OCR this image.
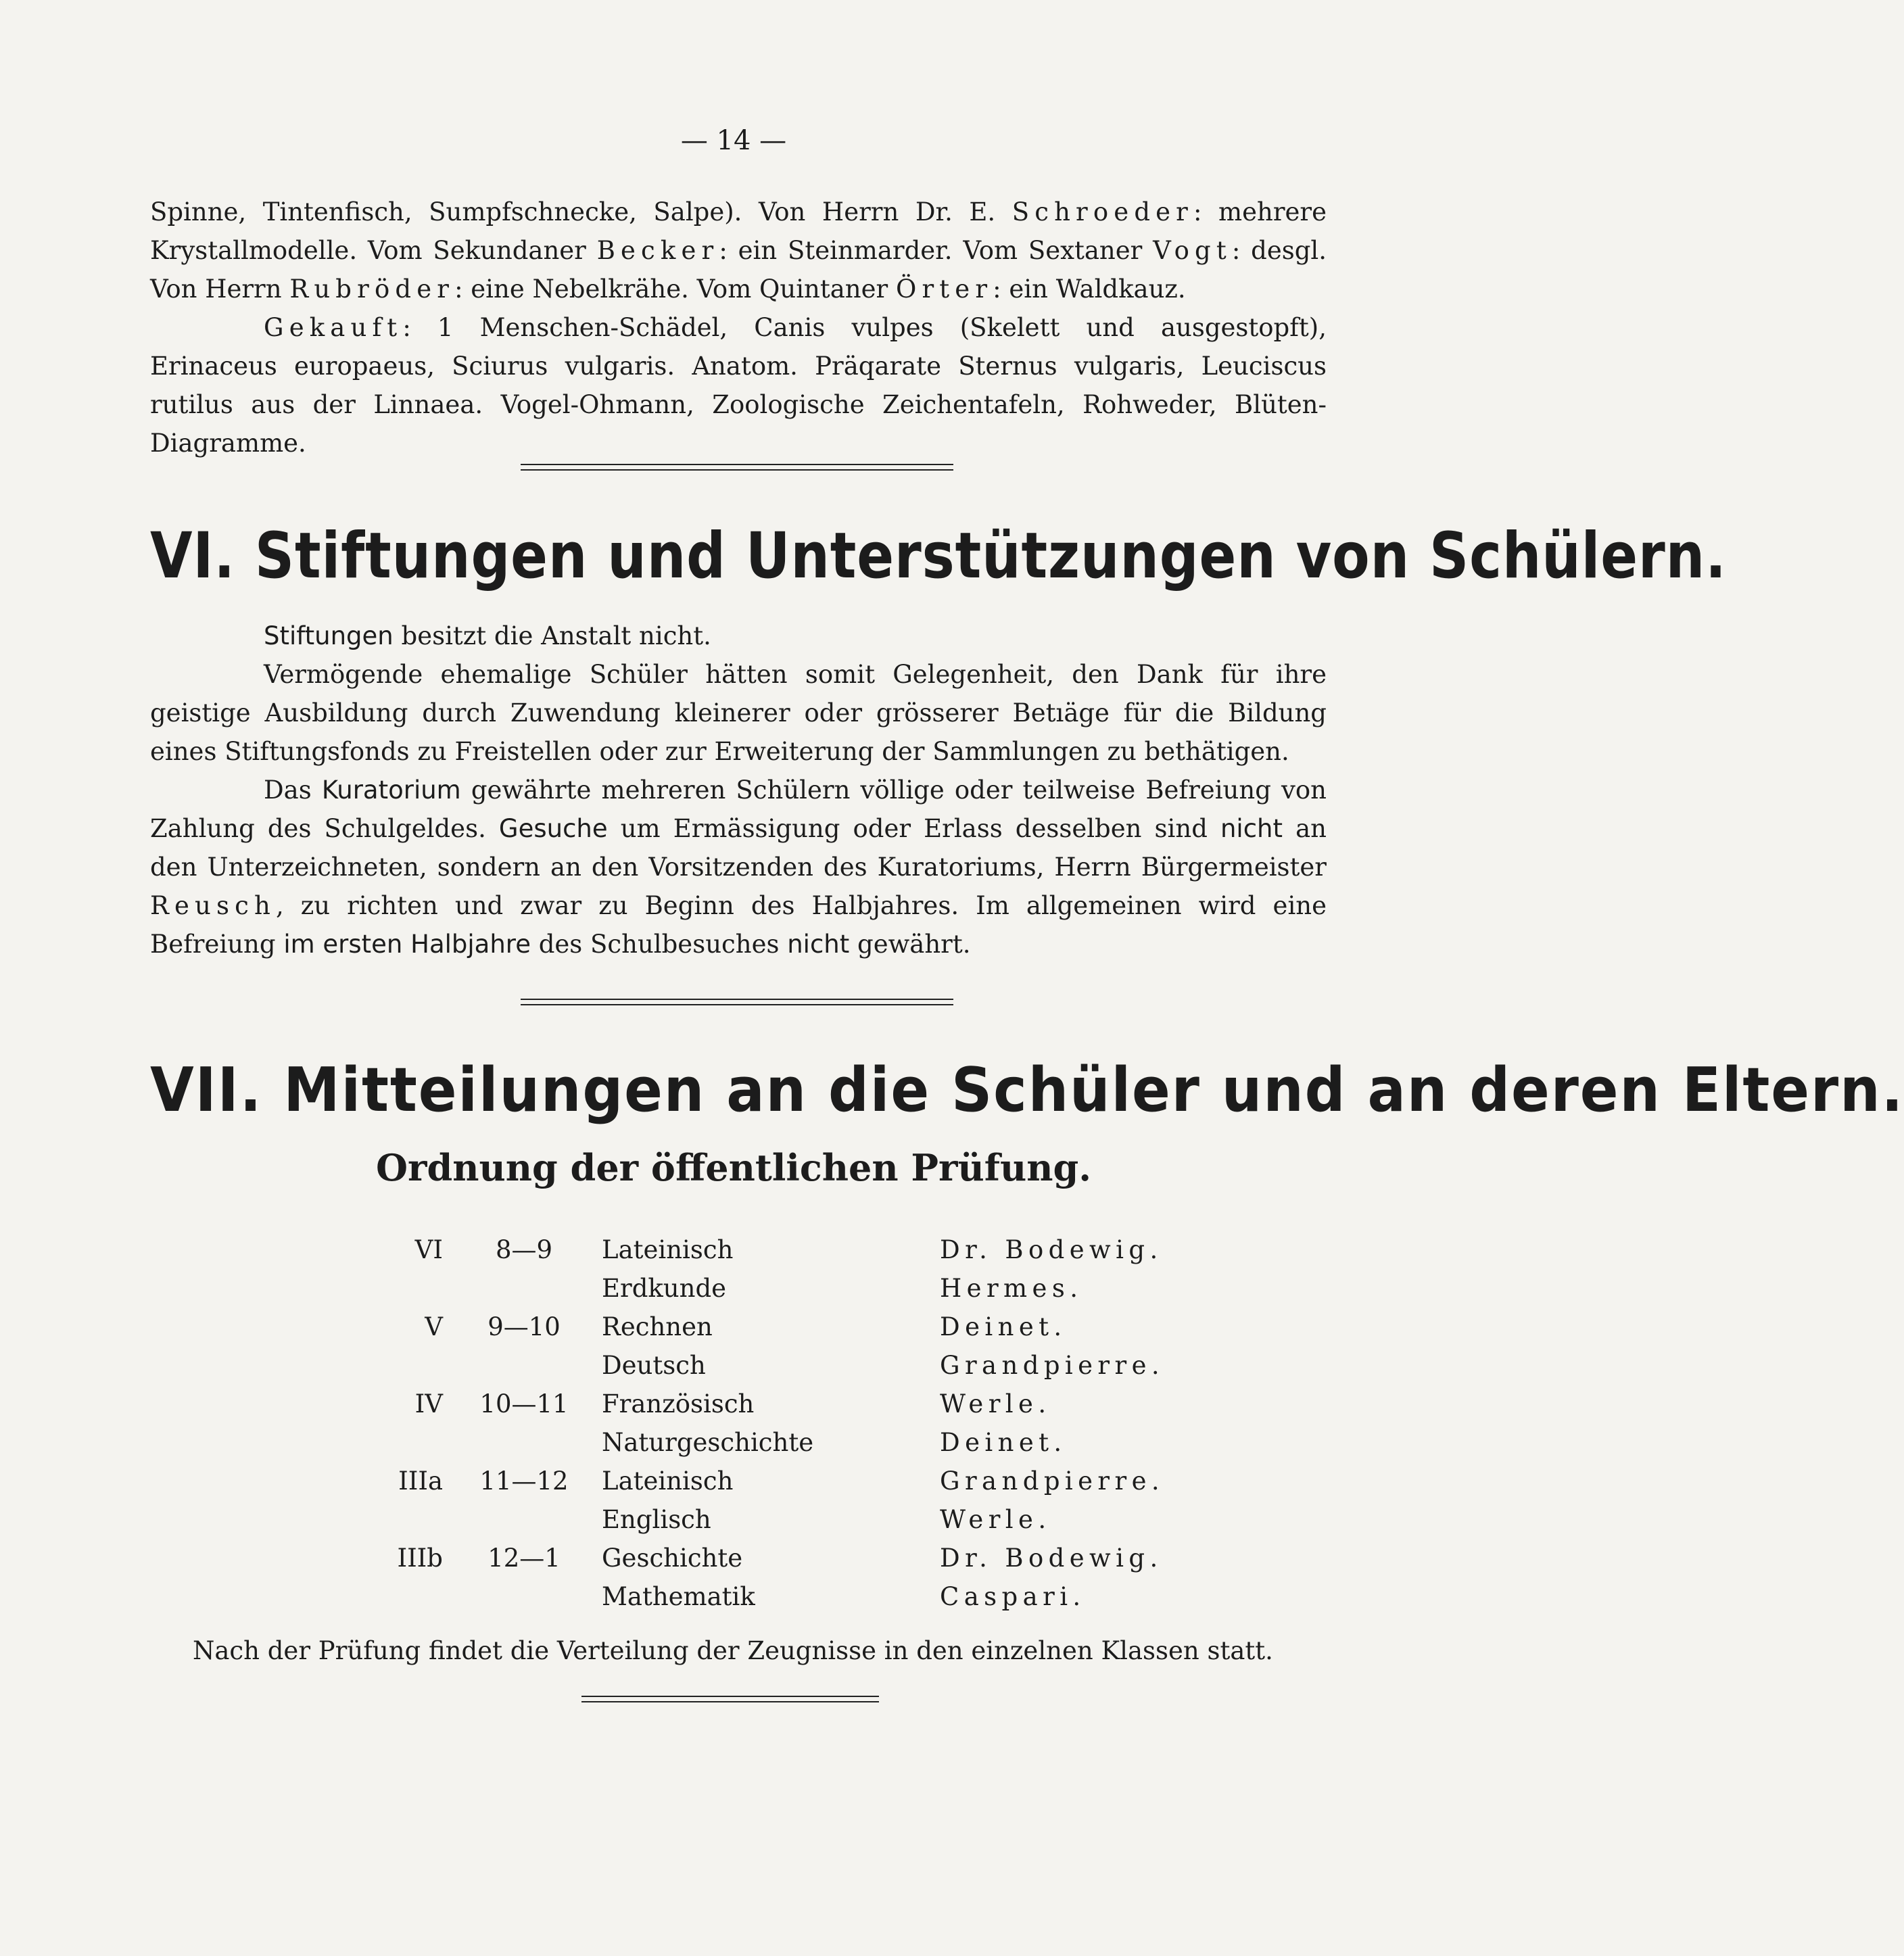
— 14 —

Spinne, Tintenfisch, Sumpfschnecke, Salpe). Von Herrn Dr. E. Schroeder: mehrere Krystallmodelle. Vom Sekundaner Becker: ein Steinmarder. Vom Sextaner Vogt: desgl. Von Herrn Rubröder: eine Nebelkrähe. Vom Quintaner Örter: ein Waldkauz.

Gekauft: 1 Menschen-Schädel, Canis vulpes (Skelett und ausgestopft), Erinaceus europaeus, Sciurus vulgaris. Anatom. Präqarate Sternus vulgaris, Leuciscus rutilus aus der Linnaea. Vogel-Ohmann, Zoologische Zeichentafeln, Rohweder, Blüten-Diagramme.

VI. Stiftungen und Unterstützungen von Schülern.

Stiftungen besitzt die Anstalt nicht.

Vermögende ehemalige Schüler hätten somit Gelegenheit, den Dank für ihre geistige Ausbildung durch Zuwendung kleinerer oder grösserer Betıäge für die Bildung eines Stiftungsfonds zu Freistellen oder zur Erweiterung der Sammlungen zu bethätigen.

Das Kuratorium gewährte mehreren Schülern völlige oder teilweise Befreiung von Zahlung des Schulgeldes. Gesuche um Ermässigung oder Erlass desselben sind nicht an den Unterzeichneten, sondern an den Vorsitzenden des Kuratoriums, Herrn Bürgermeister Reusch, zu richten und zwar zu Beginn des Halbjahres. Im allgemeinen wird eine Befreiung im ersten Halbjahre des Schulbesuches nicht gewährt.

VII. Mitteilungen an die Schüler und an deren Eltern.
Ordnung der öffentlichen Prüfung.
VI	8—9	Lateinisch	Dr. Bodewig.
		Erdkunde	Hermes.
V	9—10	Rechnen	Deinet.
		Deutsch	Grandpierre.
IV	10—11	Französisch	Werle.
		Naturgeschichte	Deinet.
IIIa	11—12	Lateinisch	Grandpierre.
		Englisch	Werle.
IIIb	12—1	Geschichte	Dr. Bodewig.
		Mathematik	Caspari.
Nach der Prüfung findet die Verteilung der Zeugnisse in den einzelnen Klassen statt.
